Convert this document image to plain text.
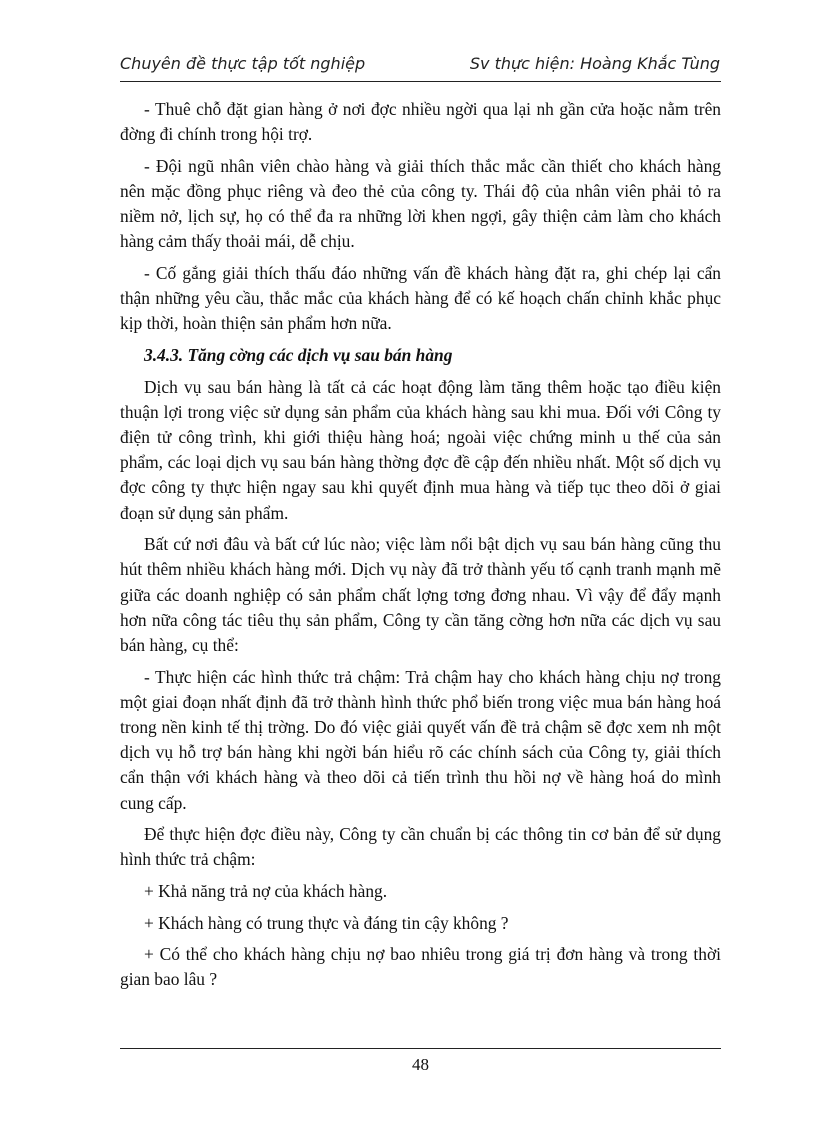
Chuyên đề thực tập tốt nghiệp	Sv thực hiện: Hoàng Khắc Tùng

- Thuê chỗ đặt gian hàng ở nơi đợc nhiều ngời qua lại nh gần cửa hoặc nằm trên đờng đi chính trong hội trợ.

- Đội ngũ nhân viên chào hàng và giải thích thắc mắc cần thiết cho khách hàng nên mặc đồng phục riêng và đeo thẻ của công ty. Thái độ của nhân viên phải tỏ ra niềm nở, lịch sự, họ có thể đa ra những lời khen ngợi, gây thiện cảm làm cho khách hàng cảm thấy thoải mái, dễ chịu.

- Cố gắng giải thích thấu đáo những vấn đề khách hàng đặt ra, ghi chép lại cẩn thận những yêu cầu, thắc mắc của khách hàng để có kế hoạch chấn chỉnh khắc phục kịp thời, hoàn thiện sản phẩm hơn nữa.

3.4.3. Tăng cờng các dịch vụ sau bán hàng

Dịch vụ sau bán hàng là tất cả các hoạt động làm tăng thêm hoặc tạo điều kiện thuận lợi trong việc sử dụng sản phẩm của khách hàng sau khi mua. Đối với Công ty điện tử công trình, khi giới thiệu hàng hoá; ngoài việc chứng minh u thế của sản phẩm, các loại dịch vụ sau bán hàng thờng đợc đề cập đến nhiều nhất. Một số dịch vụ đợc công ty thực hiện ngay sau khi quyết định mua hàng và tiếp tục theo dõi ở giai đoạn sử dụng sản phẩm.

Bất cứ nơi đâu và bất cứ lúc nào; việc làm nổi bật dịch vụ sau bán hàng cũng thu hút thêm nhiều khách hàng mới. Dịch vụ này đã trở thành yếu tố cạnh tranh mạnh mẽ giữa các doanh nghiệp có sản phẩm chất lợng tơng đơng nhau. Vì vậy để đẩy mạnh hơn nữa công tác tiêu thụ sản phẩm, Công ty cần tăng cờng hơn nữa các dịch vụ sau bán hàng, cụ thể:

- Thực hiện các hình thức trả chậm: Trả chậm hay cho khách hàng chịu nợ trong một giai đoạn nhất định đã trở thành hình thức phổ biến trong việc mua bán hàng hoá trong nền kinh tế thị trờng. Do đó việc giải quyết vấn đề trả chậm sẽ đợc xem nh một dịch vụ hỗ trợ bán hàng khi ngời bán hiểu rõ các chính sách của Công ty, giải thích cẩn thận với khách hàng và theo dõi cả tiến trình thu hồi nợ về hàng hoá do mình cung cấp.

Để thực hiện đợc điều này, Công ty cần chuẩn bị các thông tin cơ bản để sử dụng hình thức trả chậm:

+ Khả năng trả nợ của khách hàng.

+ Khách hàng có trung thực và đáng tin cậy không ?

+ Có thể cho khách hàng chịu nợ bao nhiêu trong giá trị đơn hàng và trong thời gian bao lâu ?

48
